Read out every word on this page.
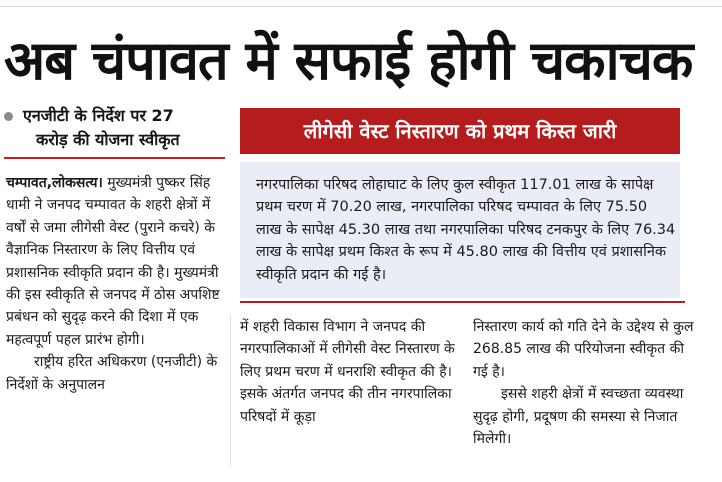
अब चंपावत में सफाई होगी चकाचक
एनजीटी के निर्देश पर 27
करोड़ की योजना स्वीकृत	लीगेसी वेस्ट निस्तारण को प्रथम किस्त जारी
नगरपालिका परिषद लोहाघाट के लिए कुल स्वीकृत 117.01 लाख के सापेक्ष प्रथम चरण में 70.20 लाख, नगरपालिका परिषद चम्पावत के लिए 75.50 लाख के सापेक्ष 45.30 लाख तथा नगरपालिका परिषद टनकपुर के लिए 76.34 लाख के सापेक्ष प्रथम किश्त के रूप में 45.80 लाख की वित्तीय एवं प्रशासनिक स्वीकृति प्रदान की गई है।

चम्पावत,लोकसत्य। मुख्यमंत्री पुष्कर सिंह धामी ने जनपद चम्पावत के शहरी क्षेत्रों में वर्षों से जमा लीगेसी वेस्ट (पुराने कचरे) के वैज्ञानिक निस्तारण के लिए वित्तीय एवं प्रशासनिक स्वीकृति प्रदान की है। मुख्यमंत्री की इस स्वीकृति से जनपद में ठोस अपशिष्ट प्रबंधन को सुदृढ़ करने की दिशा में एक महत्वपूर्ण पहल प्रारंभ होगी।

राष्ट्रीय हरित अधिकरण (एनजीटी) के निर्देशों के अनुपालन

में शहरी विकास विभाग ने जनपद की नगरपालिकाओं में लीगेसी वेस्ट निस्तारण के लिए प्रथम चरण में धनराशि स्वीकृत की है। इसके अंतर्गत जनपद की तीन नगरपालिका परिषदों में कूड़ा

निस्तारण कार्य को गति देने के उद्देश्य से कुल 268.85 लाख की परियोजना स्वीकृत की गई है।

इससे शहरी क्षेत्रों में स्वच्छता व्यवस्था सुदृढ़ होगी, प्रदूषण की समस्या से निजात मिलेगी।
